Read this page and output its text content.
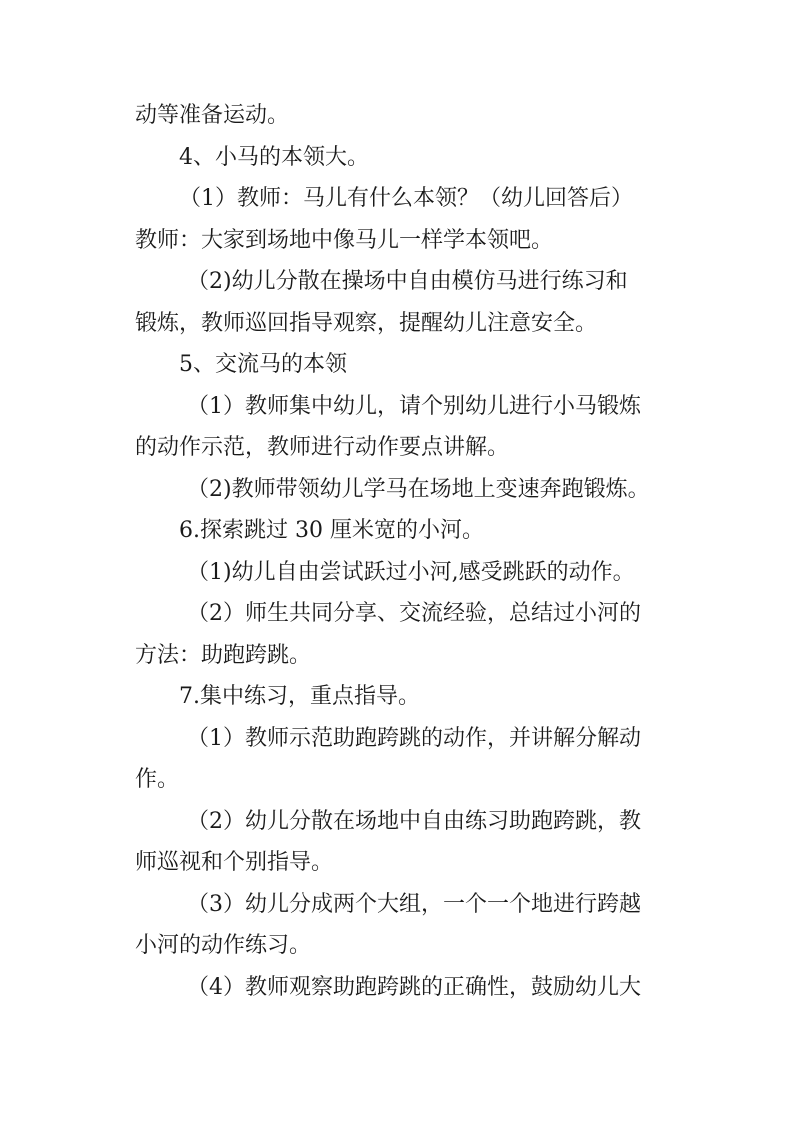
动等准备运动。
4、小马的本领大。
（1）教师：马儿有什么本领？（幼儿回答后）
教师：大家到场地中像马儿一样学本领吧。
（2)幼儿分散在操场中自由模仿马进行练习和
锻炼，教师巡回指导观察，提醒幼儿注意安全。
5、交流马的本领
（1）教师集中幼儿，请个别幼儿进行小马锻炼
的动作示范，教师进行动作要点讲解。
（2)教师带领幼儿学马在场地上变速奔跑锻炼。
6.探索跳过 30 厘米宽的小河。
（1)幼儿自由尝试跃过小河,感受跳跃的动作。
（2）师生共同分享、交流经验，总结过小河的
方法：助跑跨跳。
7.集中练习，重点指导。
（1）教师示范助跑跨跳的动作，并讲解分解动
作。
（2）幼儿分散在场地中自由练习助跑跨跳，教
师巡视和个别指导。
（3）幼儿分成两个大组，一个一个地进行跨越
小河的动作练习。
（4）教师观察助跑跨跳的正确性，鼓励幼儿大
